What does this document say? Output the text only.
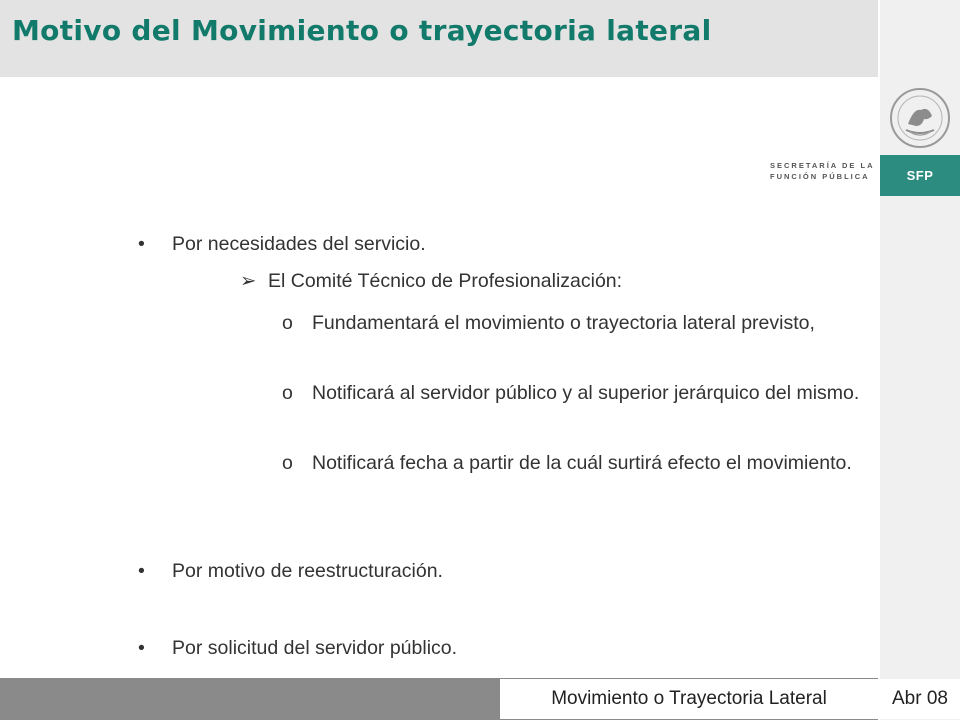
Motivo del Movimiento o trayectoria lateral
SECRETARÍA DE LA
FUNCIÓN PÚBLICA	SFP
• Por necesidades del servicio.
➢ El Comité Técnico de Profesionalización:
o Fundamentará el movimiento o trayectoria lateral previsto,
o Notificará al servidor público y al superior jerárquico del mismo.
o Notificará fecha a partir de la cuál surtirá efecto el movimiento.
• Por motivo de reestructuración.
• Por solicitud del servidor público.
Movimiento o Trayectoria Lateral	Abr 08
